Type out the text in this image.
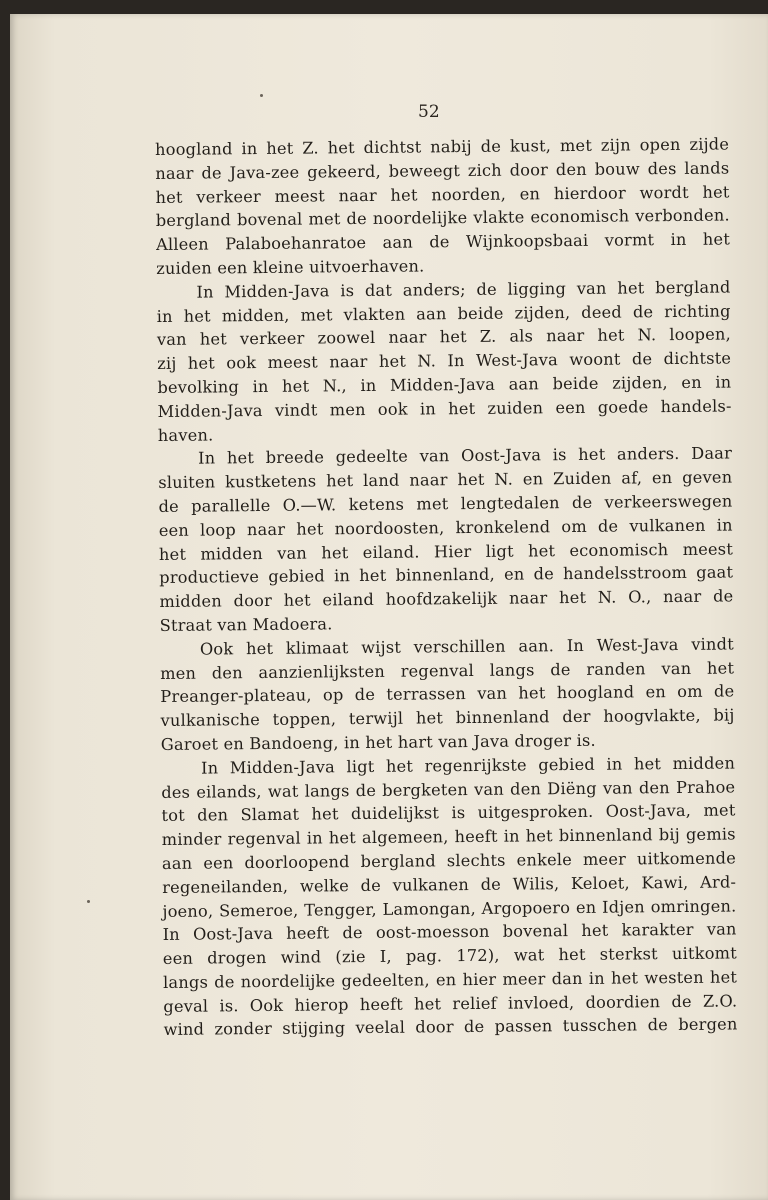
52
hoogland in het Z. het dichtst nabij de kust, met zijn open zijde
naar de Java-zee gekeerd, beweegt zich door den bouw des lands
het verkeer meest naar het noorden, en hierdoor wordt het
bergland bovenal met de noordelijke vlakte economisch verbonden.
Alleen Palaboehanratoe aan de Wijnkoopsbaai vormt in het
zuiden een kleine uitvoerhaven.
In Midden-Java is dat anders; de ligging van het bergland
in het midden, met vlakten aan beide zijden, deed de richting
van het verkeer zoowel naar het Z. als naar het N. loopen,
zij het ook meest naar het N. In West-Java woont de dichtste
bevolking in het N., in Midden-Java aan beide zijden, en in
Midden-Java vindt men ook in het zuiden een goede handels-
haven.
In het breede gedeelte van Oost-Java is het anders. Daar
sluiten kustketens het land naar het N. en Zuiden af, en geven
de parallelle O.—W. ketens met lengtedalen de verkeerswegen
een loop naar het noordoosten, kronkelend om de vulkanen in
het midden van het eiland. Hier ligt het economisch meest
productieve gebied in het binnenland, en de handelsstroom gaat
midden door het eiland hoofdzakelijk naar het N. O., naar de
Straat van Madoera.
Ook het klimaat wijst verschillen aan. In West-Java vindt
men den aanzienlijksten regenval langs de randen van het
Preanger-plateau, op de terrassen van het hoogland en om de
vulkanische toppen, terwijl het binnenland der hoogvlakte, bij
Garoet en Bandoeng, in het hart van Java droger is.
In Midden-Java ligt het regenrijkste gebied in het midden
des eilands, wat langs de bergketen van den Diëng van den Prahoe
tot den Slamat het duidelijkst is uitgesproken. Oost-Java, met
minder regenval in het algemeen, heeft in het binnenland bij gemis
aan een doorloopend bergland slechts enkele meer uitkomende
regeneilanden, welke de vulkanen de Wilis, Keloet, Kawi, Ard-
joeno, Semeroe, Tengger, Lamongan, Argopoero en Idjen omringen.
In Oost-Java heeft de oost-moesson bovenal het karakter van
een drogen wind (zie I, pag. 172), wat het sterkst uitkomt
langs de noordelijke gedeelten, en hier meer dan in het westen het
geval is. Ook hierop heeft het relief invloed, doordien de Z.O.
wind zonder stijging veelal door de passen tusschen de bergen
